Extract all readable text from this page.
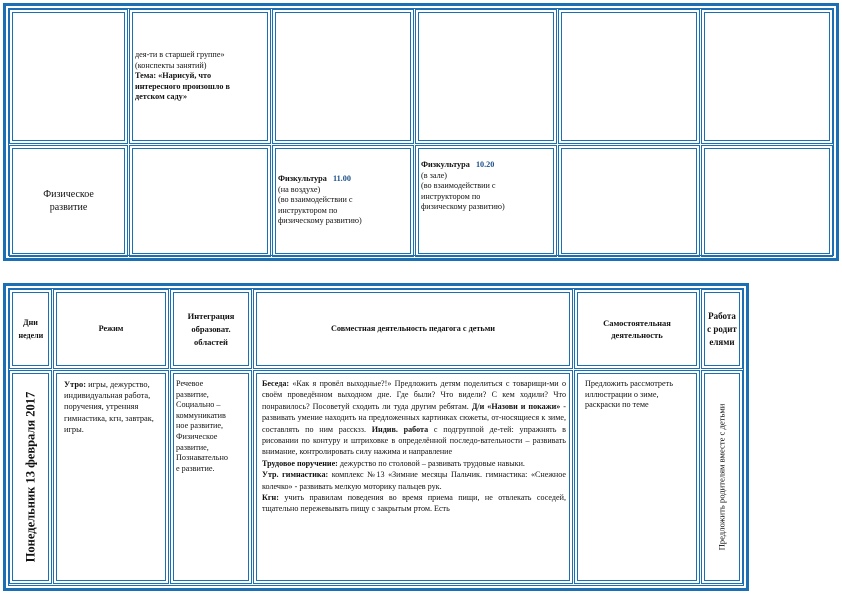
дея-ти в старшей группе»

(конспекты занятий)

Тема: «Нарисуй, что

интересного произошло в

детском саду»

Физическое развитие

Физкультура 11.00

(на воздухе)

(во взаимодействии с

инструктором по

физическому развитию)

Физкультура 10.20

(в зале)

(во взаимодействии с

инструктором по

физическому развитию)

Дни недели
Режим
Интеграция образоват. областей
Совместная деятельность педагога с детьми
Самостоятельная деятельность
Работа с родителями
Понедельник 13 февраля 2017

Утро: игры, дежурство, индивидуальная работа, поручения, утренняя гимнастика, кгн, завтрак, игры.

Речевое

развитие,

Социально –

коммуникатив

ное развитие,

Физическое

развитие,

Познавательно

е развитие.

Беседа: «Как я провёл выходные?!» Предложить детям поделиться с товарищи-ми о своём проведённом выходном дне. Где были? Что видели? С кем ходили? Что понравилось? Посоветуй сходить ли туда другим ребятам. Д/и «Назови и покажи» - развивать умение находить на предложенных картинках сюжеты, от-носящиеся к зиме, составлять по ним расскзз. Индив. работа с подгруппой де-тей: упражнять в рисовании по контуру и штриховке в определённой последо-вательности – развивать внимание, контролировать силу нажима и направление

Трудовое поручение: дежурство по столовой – развивать трудовые навыки.

Утр. гимнастика: комплекс №13 «Зимние месяцы Пальчик. гимнастика: «Снежное колечко» - развивать мелкую моторику пальцев рук.

Кгн: учить правилам поведения во время приема пищи, не отвлекать соседей, тщательно пережевывать пищу с закрытым ртом. Есть

Предложить рассмотреть иллюстрации о зиме, раскраски по теме	Предложить родителям вместе с детьми
